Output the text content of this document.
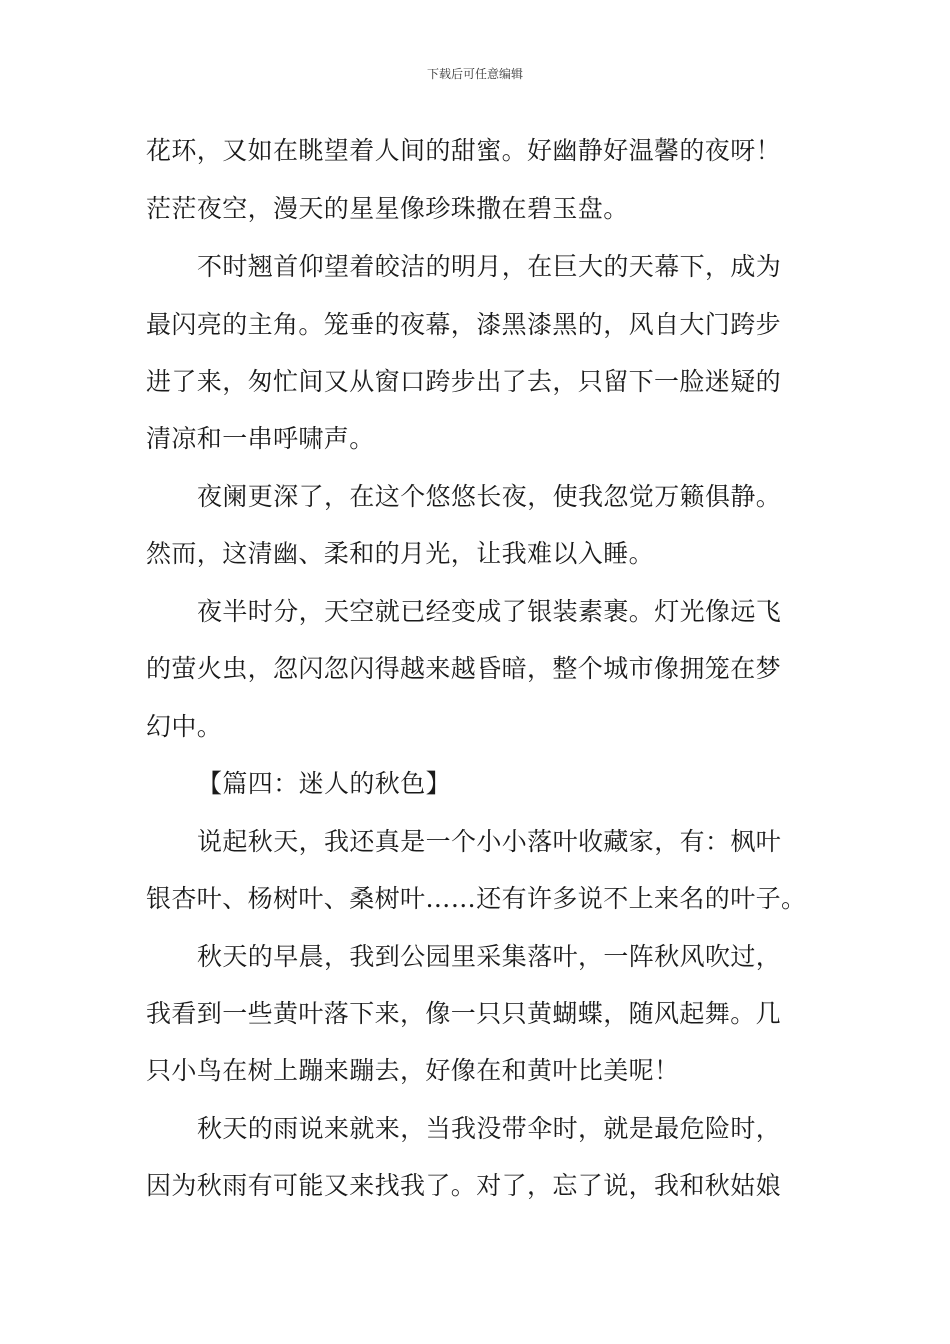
下载后可任意编辑
花环，又如在眺望着人间的甜蜜。好幽静好温馨的夜呀！
茫茫夜空，漫天的星星像珍珠撒在碧玉盘。
不时翘首仰望着皎洁的明月，在巨大的天幕下，成为
最闪亮的主角。笼垂的夜幕，漆黑漆黑的，风自大门跨步
进了来，匆忙间又从窗口跨步出了去，只留下一脸迷疑的
清凉和一串呼啸声。
夜阑更深了，在这个悠悠长夜，使我忽觉万籁俱静。
然而，这清幽、柔和的月光，让我难以入睡。
夜半时分，天空就已经变成了银装素裹。灯光像远飞
的萤火虫，忽闪忽闪得越来越昏暗，整个城市像拥笼在梦
幻中。
【篇四：迷人的秋色】
说起秋天，我还真是一个小小落叶收藏家，有：枫叶
银杏叶、杨树叶、桑树叶……还有许多说不上来名的叶子。
秋天的早晨，我到公园里采集落叶，一阵秋风吹过，
我看到一些黄叶落下来，像一只只黄蝴蝶，随风起舞。几
只小鸟在树上蹦来蹦去，好像在和黄叶比美呢！
秋天的雨说来就来，当我没带伞时，就是最危险时，
因为秋雨有可能又来找我了。对了，忘了说，我和秋姑娘
